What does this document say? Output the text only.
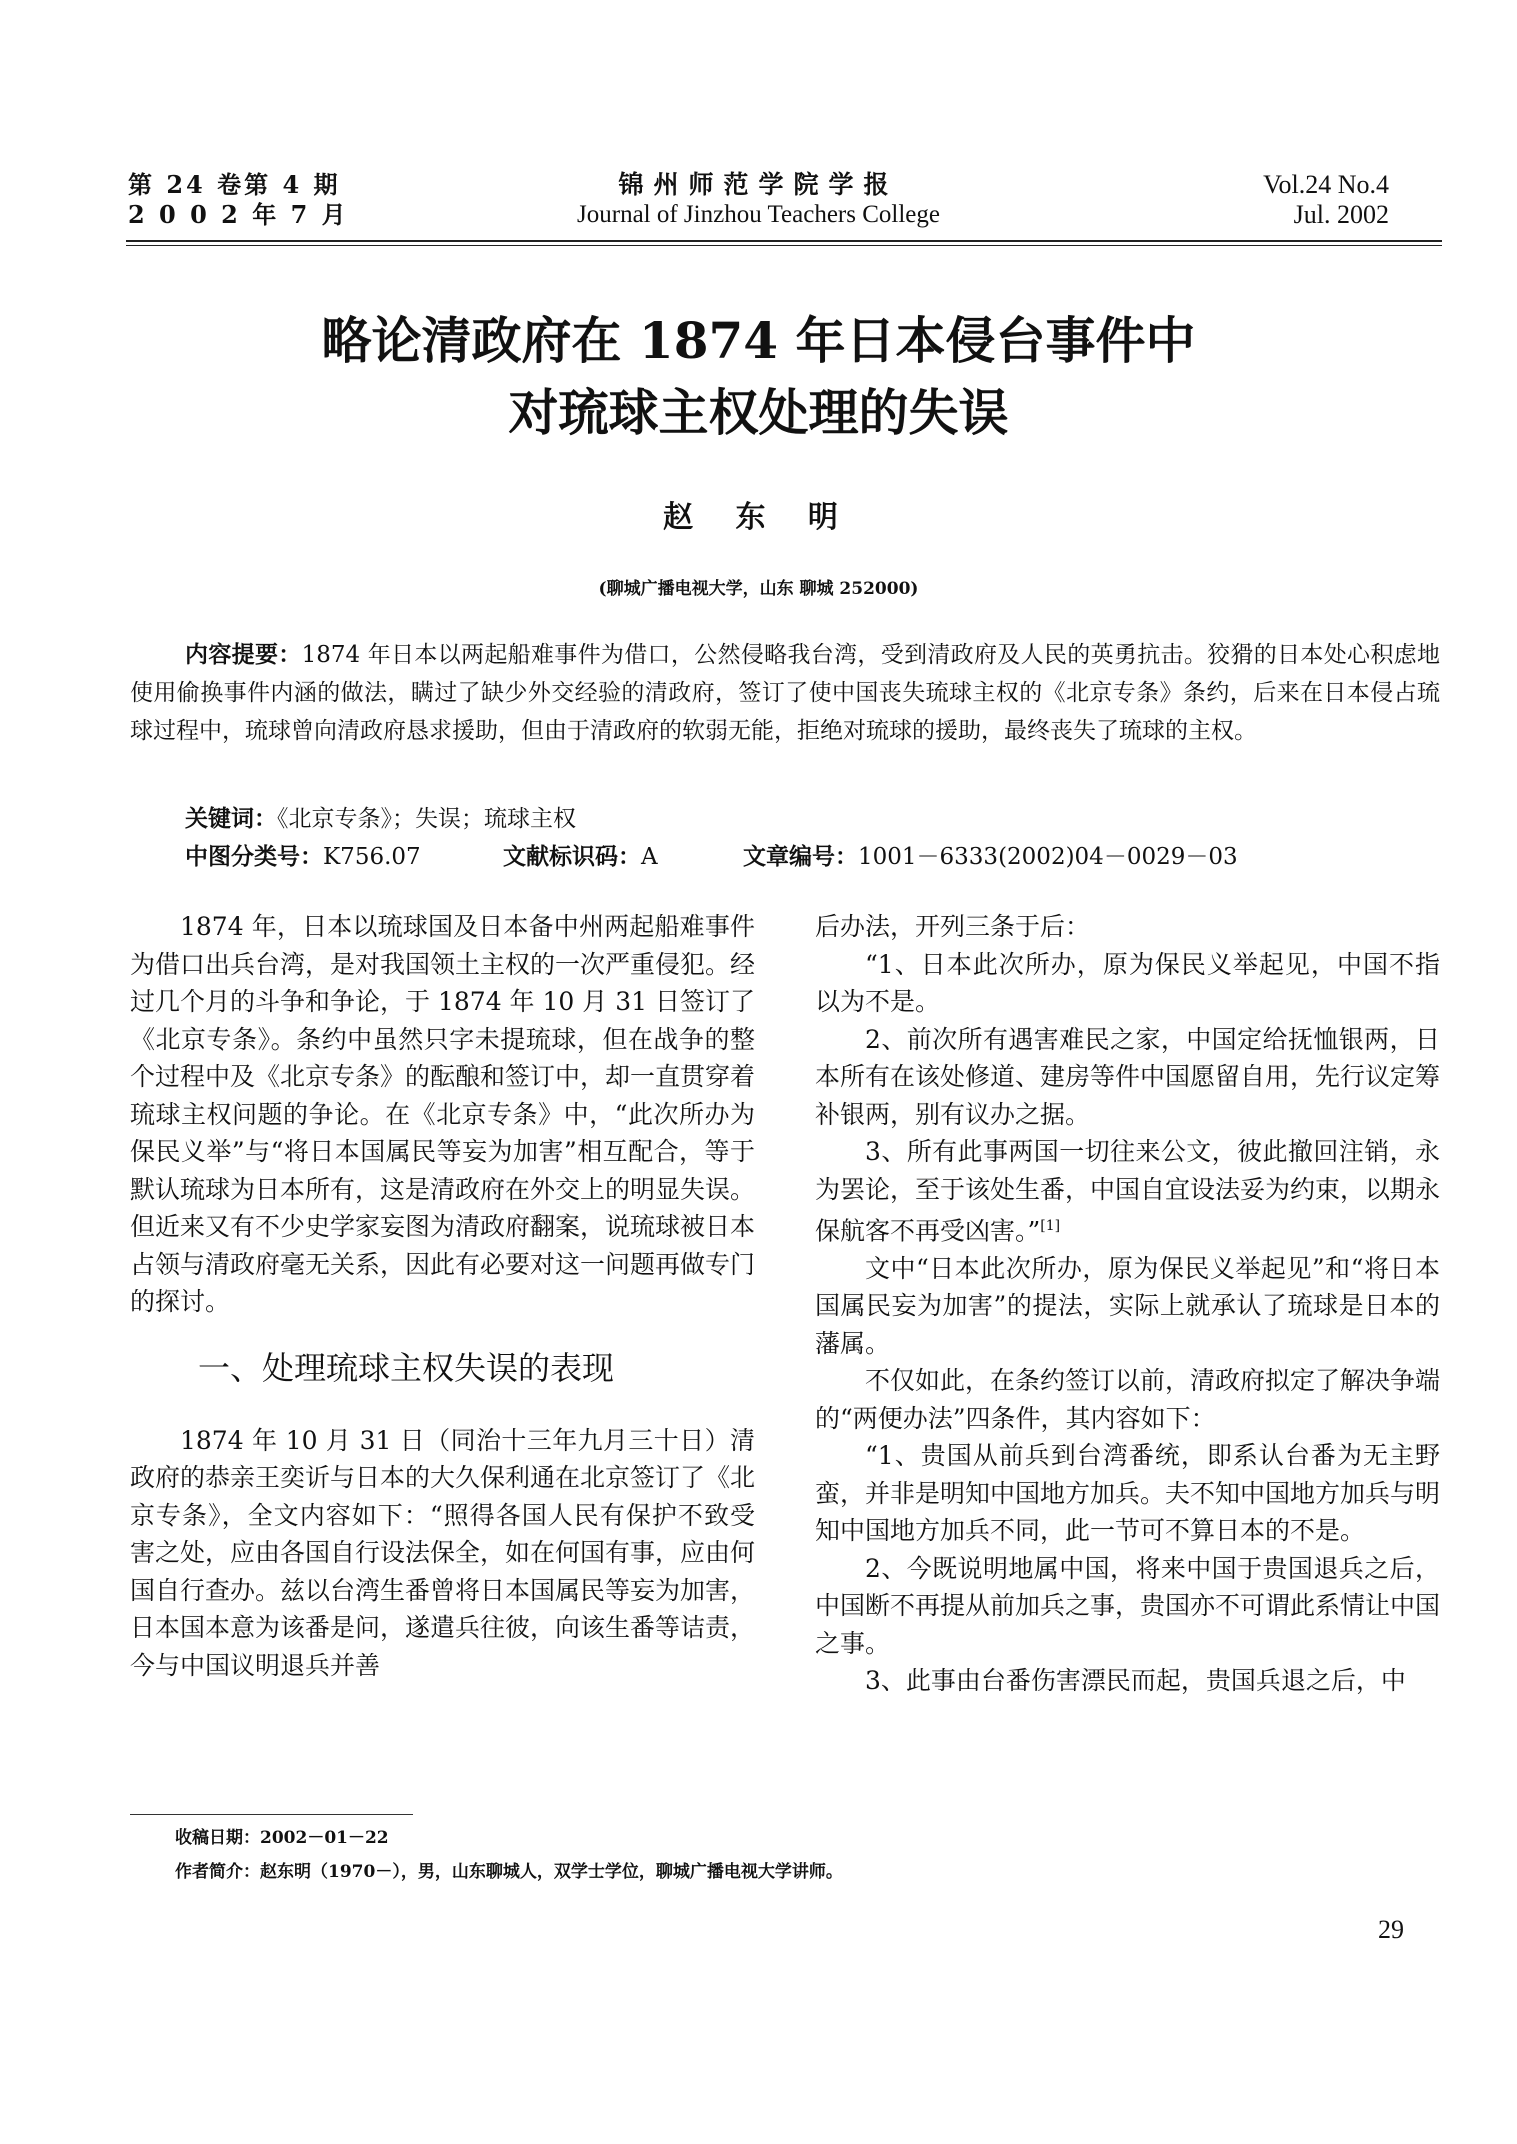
第 24 卷第 4 期
2 0 0 2 年 7 月
锦州师范学院学报
Journal of Jinzhou Teachers College
Vol.24 No.4
Jul. 2002
略论清政府在 1874 年日本侵台事件中
对琉球主权处理的失误
赵 东 明
(聊城广播电视大学，山东 聊城 252000)

内容提要：1874 年日本以两起船难事件为借口，公然侵略我台湾，受到清政府及人民的英勇抗击。狡猾的日本处心积虑地使用偷换事件内涵的做法，瞒过了缺少外交经验的清政府，签订了使中国丧失琉球主权的《北京专条》条约，后来在日本侵占琉球过程中，琉球曾向清政府恳求援助，但由于清政府的软弱无能，拒绝对琉球的援助，最终丧失了琉球的主权。

关键词：《北京专条》；失误；琉球主权
中图分类号：K756.07	文献标识码：A	文章编号：1001－6333(2002)04－0029－03

1874 年，日本以琉球国及日本备中州两起船难事件为借口出兵台湾，是对我国领土主权的一次严重侵犯。经过几个月的斗争和争论，于 1874 年 10 月 31 日签订了《北京专条》。条约中虽然只字未提琉球，但在战争的整个过程中及《北京专条》的酝酿和签订中，却一直贯穿着琉球主权问题的争论。在《北京专条》中，“此次所办为保民义举”与“将日本国属民等妄为加害”相互配合，等于默认琉球为日本所有，这是清政府在外交上的明显失误。但近来又有不少史学家妄图为清政府翻案，说琉球被日本占领与清政府毫无关系，因此有必要对这一问题再做专门的探讨。

一、处理琉球主权失误的表现

1874 年 10 月 31 日（同治十三年九月三十日）清政府的恭亲王奕䜣与日本的大久保利通在北京签订了《北京专条》，全文内容如下：“照得各国人民有保护不致受害之处，应由各国自行设法保全，如在何国有事，应由何国自行查办。兹以台湾生番曾将日本国属民等妄为加害，日本国本意为该番是问，遂遣兵往彼，向该生番等诘责，今与中国议明退兵并善

后办法，开列三条于后：

“1、日本此次所办，原为保民义举起见，中国不指以为不是。

2、前次所有遇害难民之家，中国定给抚恤银两，日本所有在该处修道、建房等件中国愿留自用，先行议定筹补银两，别有议办之据。

3、所有此事两国一切往来公文，彼此撤回注销，永为罢论，至于该处生番，中国自宜设法妥为约束，以期永保航客不再受凶害。”[1]

文中“日本此次所办，原为保民义举起见”和“将日本国属民妄为加害”的提法，实际上就承认了琉球是日本的藩属。

不仅如此，在条约签订以前，清政府拟定了解决争端的“两便办法”四条件，其内容如下：

“1、贵国从前兵到台湾番统，即系认台番为无主野蛮，并非是明知中国地方加兵。夫不知中国地方加兵与明知中国地方加兵不同，此一节可不算日本的不是。

2、今既说明地属中国，将来中国于贵国退兵之后，中国断不再提从前加兵之事，贵国亦不可谓此系情让中国之事。

3、此事由台番伤害漂民而起，贵国兵退之后，中

收稿日期：2002－01－22
作者简介：赵东明（1970－），男，山东聊城人，双学士学位，聊城广播电视大学讲师。
29
